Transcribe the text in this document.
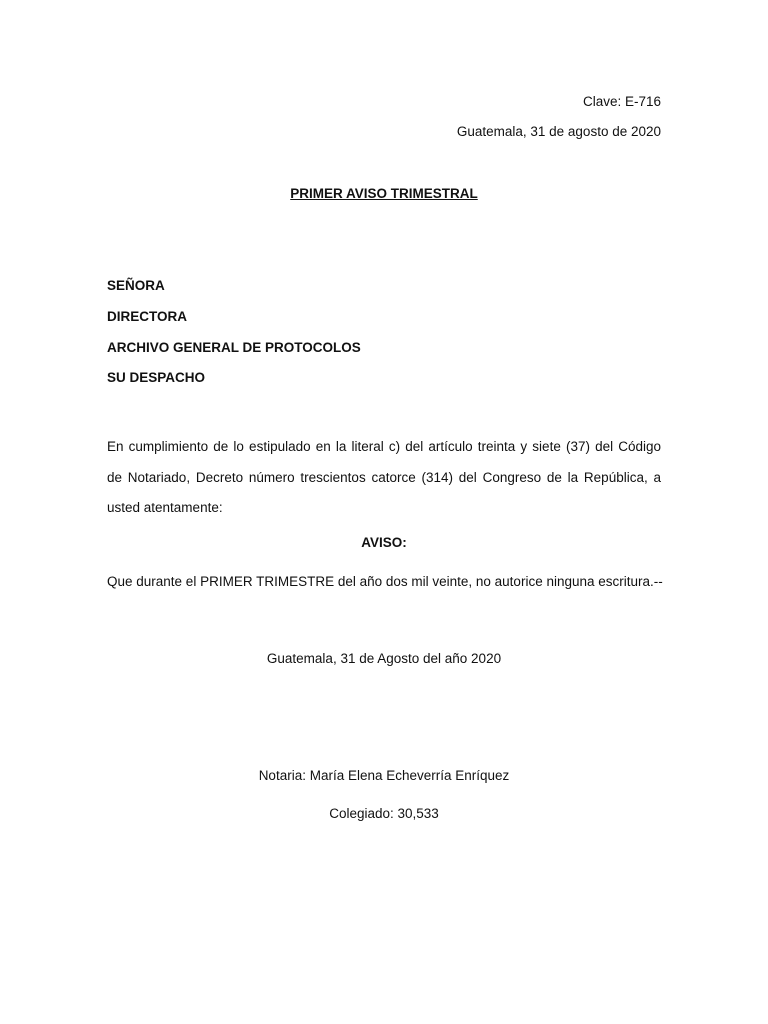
Clave: E-716
Guatemala, 31 de agosto de 2020
PRIMER AVISO TRIMESTRAL
SEÑORA
DIRECTORA
ARCHIVO GENERAL DE PROTOCOLOS
SU DESPACHO
En cumplimiento de lo estipulado en la literal c) del artículo treinta y siete (37) del Código
de Notariado, Decreto número trescientos catorce (314) del Congreso de la República, a
usted atentamente:
AVISO:
Que durante el PRIMER TRIMESTRE del año dos mil veinte, no autorice ninguna escritura.--
Guatemala, 31 de Agosto del año 2020
Notaria: María Elena Echeverría Enríquez
Colegiado: 30,533
